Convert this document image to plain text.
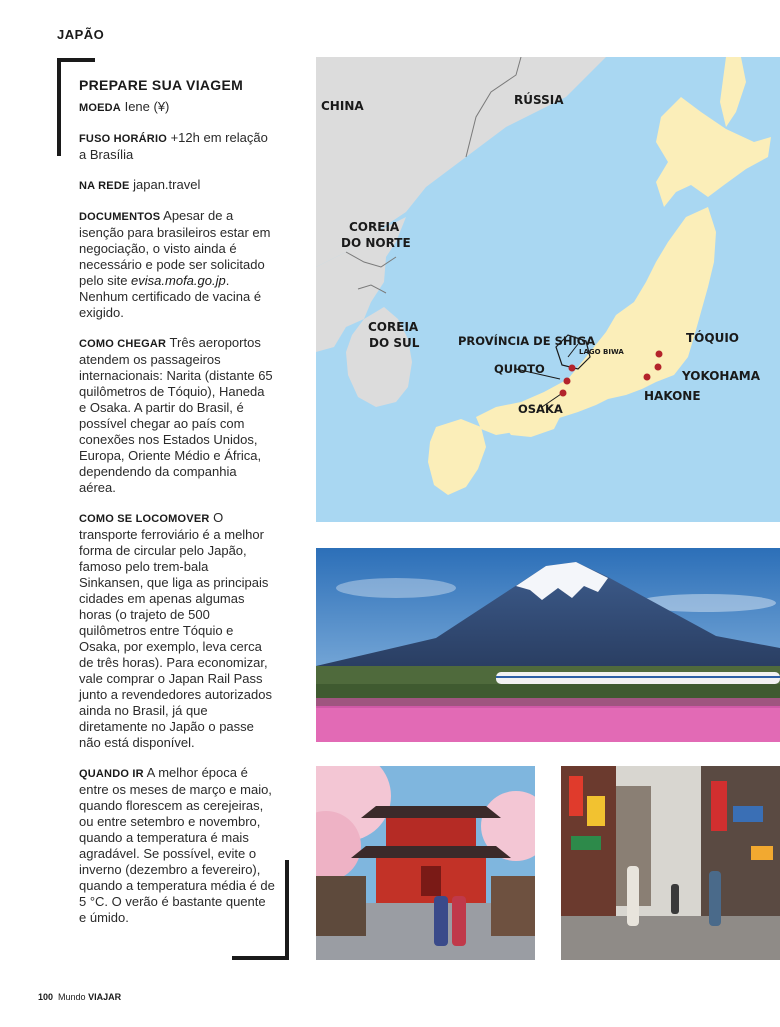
JAPÃO
PREPARE SUA VIAGEM

MOEDA Iene (¥)

FUSO HORÁRIO +12h em relação a Brasília

NA REDE japan.travel

DOCUMENTOS Apesar de a isenção para brasileiros estar em negociação, o visto ainda é necessário e pode ser solicitado pelo site evisa.mofa.go.jp. Nenhum certificado de vacina é exigido.

COMO CHEGAR Três aeroportos atendem os passageiros internacionais: Narita (distante 65 quilômetros de Tóquio), Haneda e Osaka. A partir do Brasil, é possível chegar ao país com conexões nos Estados Unidos, Europa, Oriente Médio e África, dependendo da companhia aérea.

COMO SE LOCOMOVER O transporte ferroviário é a melhor forma de circular pelo Japão, famoso pelo trem-bala Sinkansen, que liga as principais cidades em apenas algumas horas (o trajeto de 500 quilômetros entre Tóquio e Osaka, por exemplo, leva cerca de três horas). Para economizar, vale comprar o Japan Rail Pass junto a revendedores autorizados ainda no Brasil, já que diretamente no Japão o passe não está disponível.

QUANDO IR A melhor época é entre os meses de março e maio, quando florescem as cerejeiras, ou entre setembro e novembro, quando a temperatura é mais agradável. Se possível, evite o inverno (dezembro a fevereiro), quando a temperatura média é de 5 °C. O verão é bastante quente e úmido.

CHINA	RÚSSIA
COREIA
DO NORTE
COREIA
DO SUL	PROVÍNCIA DE SHIGA
LAGO BIWA
QUIOTO
OSAKA
TÓQUIO
YOKOHAMA
HAKONE
100 Mundo VIAJAR
